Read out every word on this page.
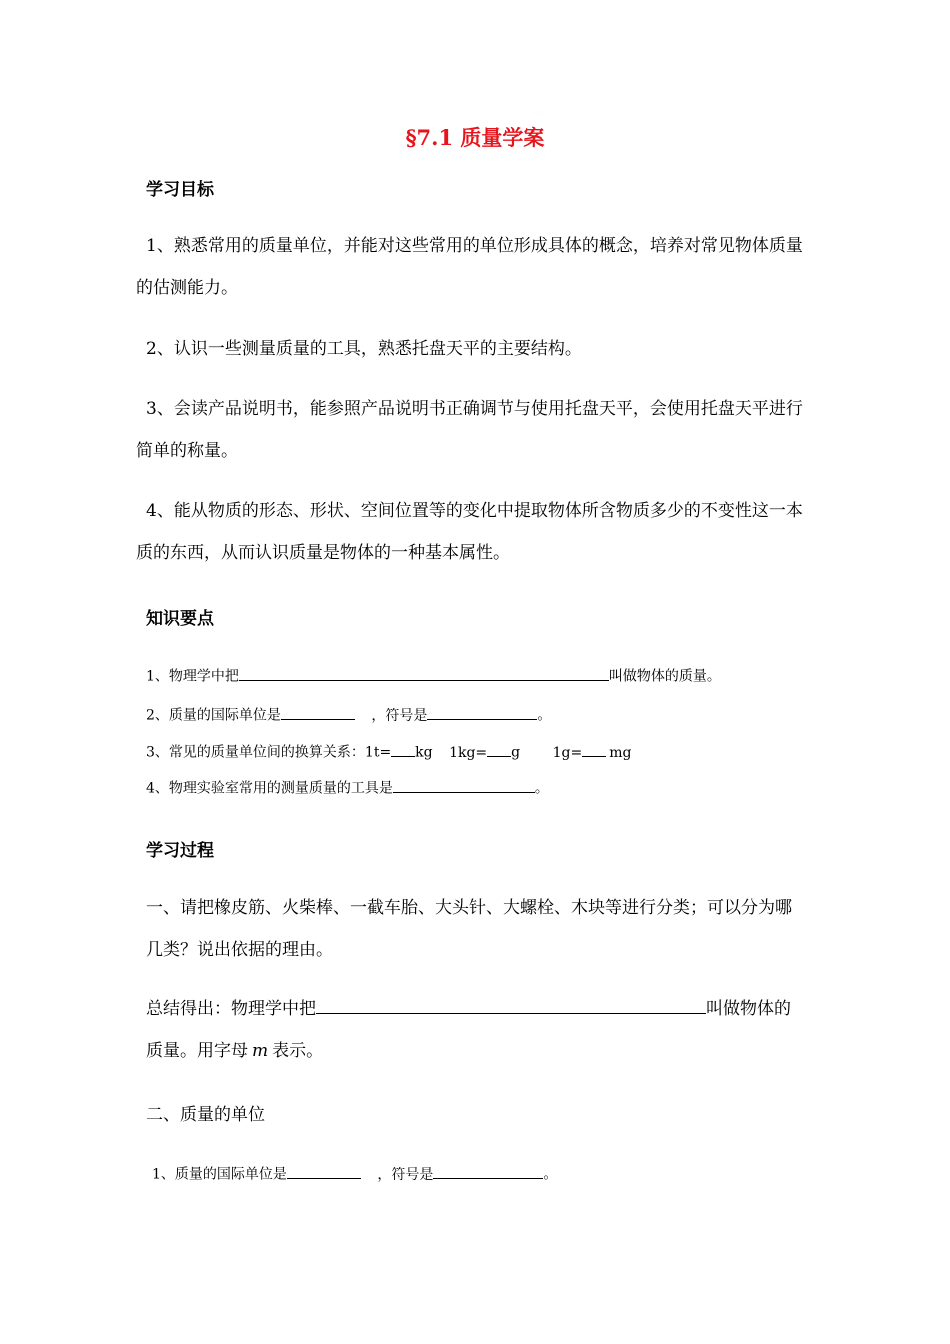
§7.1 质量学案
学习目标
1、熟悉常用的质量单位，并能对这些常用的单位形成具体的概念，培养对常见物体质量的估测能力。
2、认识一些测量质量的工具，熟悉托盘天平的主要结构。
3、会读产品说明书，能参照产品说明书正确调节与使用托盘天平，会使用托盘天平进行简单的称量。
4、能从物质的形态、形状、空间位置等的变化中提取物体所含物质多少的不变性这一本质的东西，从而认识质量是物体的一种基本属性。
知识要点
1、物理学中把	叫做物体的质量。
2、质量的国际单位是	，符号是	。
3、常见的质量单位间的换算关系：1t= kg 1kg= g 1g= mg
4、物理实验室常用的测量质量的工具是	。
学习过程
一、请把橡皮筋、火柴棒、一截车胎、大头针、大螺栓、木块等进行分类；可以分为哪几类？说出依据的理由。
总结得出：物理学中把	叫做物体的质量。用字母 m 表示。
二、质量的单位
1、质量的国际单位是	，符号是	。
